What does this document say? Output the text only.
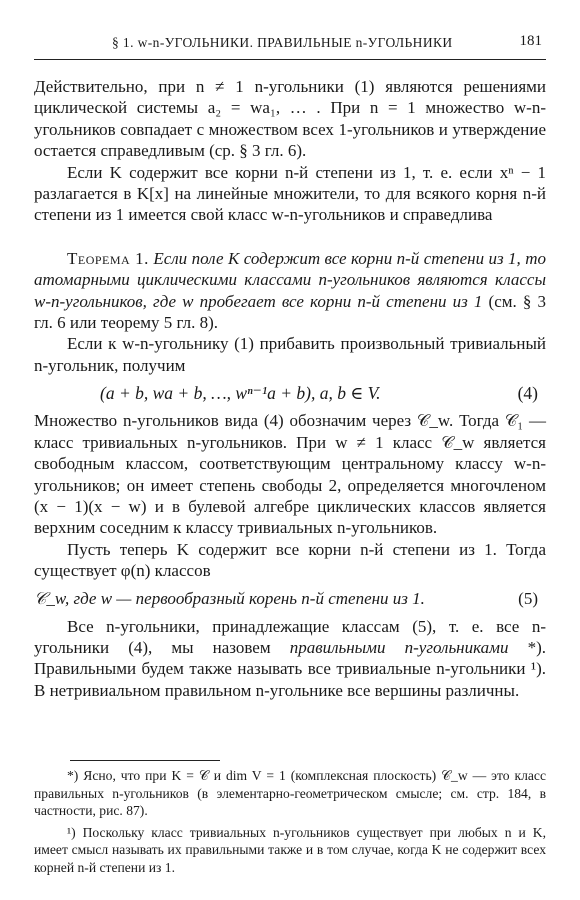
§ 1. w-n-УГОЛЬНИКИ. ПРАВИЛЬНЫЕ n-УГОЛЬНИКИ	181

Действительно, при n ≠ 1 n-угольники (1) являются решениями циклической системы a₂ = wa₁, … . При n = 1 множество w-n-угольников совпадает с множеством всех 1-угольников и утверждение остается справедливым (ср. § 3 гл. 6).

Если K содержит все корни n-й степени из 1, т. е. если xⁿ − 1 разлагается в K[x] на линейные множители, то для всякого корня n-й степени из 1 имеется свой класс w-n-угольников и справедлива

Теорема 1. Если поле K содержит все корни n-й степени из 1, то атомарными циклическими классами n-угольников являются классы w-n-угольников, где w пробегает все корни n-й степени из 1 (см. § 3 гл. 6 или теорему 5 гл. 8).

Если к w-n-угольнику (1) прибавить произвольный тривиальный n-угольник, получим

(a + b, wa + b, …, wⁿ⁻¹a + b), a, b ∈ V.	(4)

Множество n-угольников вида (4) обозначим через 𝒞_w. Тогда 𝒞₁ — класс тривиальных n-угольников. При w ≠ 1 класс 𝒞_w является свободным классом, соответствующим центральному классу w-n-угольников; он имеет степень свободы 2, определяется многочленом (x − 1)(x − w) и в булевой алгебре циклических классов является верхним соседним к классу тривиальных n-угольников.

Пусть теперь K содержит все корни n-й степени из 1. Тогда существует φ(n) классов

𝒞_w, где w — первообразный корень n-й степени из 1.	(5)

Все n-угольники, принадлежащие классам (5), т. е. все n-угольники (4), мы назовем правильными n-угольниками *). Правильными будем также называть все тривиальные n-угольники ¹). В нетривиальном правильном n-угольнике все вершины различны.

*) Ясно, что при K = 𝒞 и dim V = 1 (комплексная плоскость) 𝒞_w — это класс правильных n-угольников (в элементарно-геометрическом смысле; см. стр. 184, в частности, рис. 87).

¹) Поскольку класс тривиальных n-угольников существует при любых n и K, имеет смысл называть их правильными также и в том случае, когда K не содержит всех корней n-й степени из 1.
